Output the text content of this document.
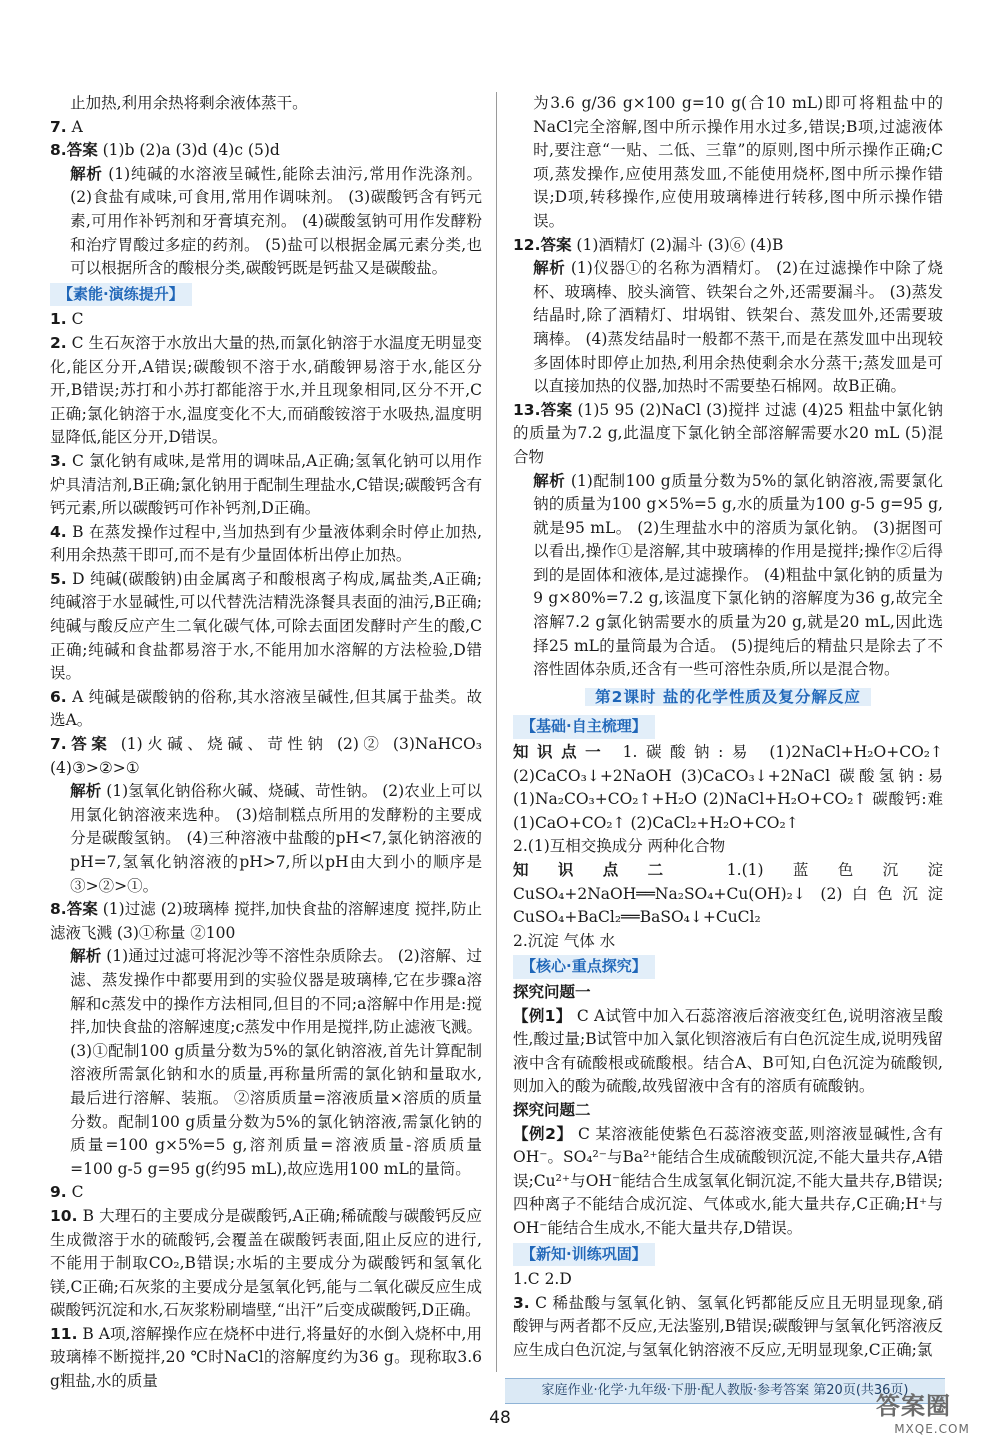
止加热,利用余热将剩余液体蒸干。

7. A

8.答案 (1)b (2)a (3)d (4)c (5)d

解析 (1)纯碱的水溶液呈碱性,能除去油污,常用作洗涤剂。 (2)食盐有咸味,可食用,常用作调味剂。 (3)碳酸钙含有钙元素,可用作补钙剂和牙膏填充剂。 (4)碳酸氢钠可用作发酵粉和治疗胃酸过多症的药剂。 (5)盐可以根据金属元素分类,也可以根据所含的酸根分类,碳酸钙既是钙盐又是碳酸盐。

【素能·演练提升】

1. C

2. C 生石灰溶于水放出大量的热,而氯化钠溶于水温度无明显变化,能区分开,A错误;碳酸钡不溶于水,硝酸钾易溶于水,能区分开,B错误;苏打和小苏打都能溶于水,并且现象相同,区分不开,C正确;氯化钠溶于水,温度变化不大,而硝酸铵溶于水吸热,温度明显降低,能区分开,D错误。

3. C 氯化钠有咸味,是常用的调味品,A正确;氢氧化钠可以用作炉具清洁剂,B正确;氯化钠用于配制生理盐水,C错误;碳酸钙含有钙元素,所以碳酸钙可作补钙剂,D正确。

4. B 在蒸发操作过程中,当加热到有少量液体剩余时停止加热,利用余热蒸干即可,而不是有少量固体析出停止加热。

5. D 纯碱(碳酸钠)由金属离子和酸根离子构成,属盐类,A正确;纯碱溶于水显碱性,可以代替洗洁精洗涤餐具表面的油污,B正确;纯碱与酸反应产生二氧化碳气体,可除去面团发酵时产生的酸,C正确;纯碱和食盐都易溶于水,不能用加水溶解的方法检验,D错误。

6. A 纯碱是碳酸钠的俗称,其水溶液呈碱性,但其属于盐类。故选A。

7.答案 (1)火碱、烧碱、苛性钠 (2)② (3)NaHCO₃ (4)③>②>①

解析 (1)氢氧化钠俗称火碱、烧碱、苛性钠。 (2)农业上可以用氯化钠溶液来选种。 (3)焙制糕点所用的发酵粉的主要成分是碳酸氢钠。 (4)三种溶液中盐酸的pH<7,氯化钠溶液的pH=7,氢氧化钠溶液的pH>7,所以pH由大到小的顺序是③>②>①。

8.答案 (1)过滤 (2)玻璃棒 搅拌,加快食盐的溶解速度 搅拌,防止滤液飞溅 (3)①称量 ②100

解析 (1)通过过滤可将泥沙等不溶性杂质除去。 (2)溶解、过滤、蒸发操作中都要用到的实验仪器是玻璃棒,它在步骤a溶解和c蒸发中的操作方法相同,但目的不同;a溶解中作用是:搅拌,加快食盐的溶解速度;c蒸发中作用是搅拌,防止滤液飞溅。 (3)①配制100 g质量分数为5%的氯化钠溶液,首先计算配制溶液所需氯化钠和水的质量,再称量所需的氯化钠和量取水,最后进行溶解、装瓶。 ②溶质质量=溶液质量×溶质的质量分数。配制100 g质量分数为5%的氯化钠溶液,需氯化钠的质量=100 g×5%=5 g,溶剂质量=溶液质量-溶质质量=100 g-5 g=95 g(约95 mL),故应选用100 mL的量筒。

9. C

10. B 大理石的主要成分是碳酸钙,A正确;稀硫酸与碳酸钙反应生成微溶于水的硫酸钙,会覆盖在碳酸钙表面,阻止反应的进行,不能用于制取CO₂,B错误;水垢的主要成分为碳酸钙和氢氧化镁,C正确;石灰浆的主要成分是氢氧化钙,能与二氧化碳反应生成碳酸钙沉淀和水,石灰浆粉刷墙壁,“出汗”后变成碳酸钙,D正确。

11. B A项,溶解操作应在烧杯中进行,将量好的水倒入烧杯中,用玻璃棒不断搅拌,20 ℃时NaCl的溶解度约为36 g。现称取3.6 g粗盐,水的质量

为3.6 g/36 g×100 g=10 g(合10 mL)即可将粗盐中的NaCl完全溶解,图中所示操作用水过多,错误;B项,过滤液体时,要注意“一贴、二低、三靠”的原则,图中所示操作正确;C项,蒸发操作,应使用蒸发皿,不能使用烧杯,图中所示操作错误;D项,转移操作,应使用玻璃棒进行转移,图中所示操作错误。

12.答案 (1)酒精灯 (2)漏斗 (3)⑥ (4)B

解析 (1)仪器①的名称为酒精灯。 (2)在过滤操作中除了烧杯、玻璃棒、胶头滴管、铁架台之外,还需要漏斗。 (3)蒸发结晶时,除了酒精灯、坩埚钳、铁架台、蒸发皿外,还需要玻璃棒。 (4)蒸发结晶时一般都不蒸干,而是在蒸发皿中出现较多固体时即停止加热,利用余热使剩余水分蒸干;蒸发皿是可以直接加热的仪器,加热时不需要垫石棉网。故B正确。

13.答案 (1)5 95 (2)NaCl (3)搅拌 过滤 (4)25 粗盐中氯化钠的质量为7.2 g,此温度下氯化钠全部溶解需要水20 mL (5)混合物

解析 (1)配制100 g质量分数为5%的氯化钠溶液,需要氯化钠的质量为100 g×5%=5 g,水的质量为100 g-5 g=95 g,就是95 mL。 (2)生理盐水中的溶质为氯化钠。 (3)据图可以看出,操作①是溶解,其中玻璃棒的作用是搅拌;操作②后得到的是固体和液体,是过滤操作。 (4)粗盐中氯化钠的质量为9 g×80%=7.2 g,该温度下氯化钠的溶解度为36 g,故完全溶解7.2 g氯化钠需要水的质量为20 g,就是20 mL,因此选择25 mL的量筒最为合适。 (5)提纯后的精盐只是除去了不溶性固体杂质,还含有一些可溶性杂质,所以是混合物。

第2课时 盐的化学性质及复分解反应
【基础·自主梳理】

知识点一 1.碳酸钠:易 (1)2NaCl+H₂O+CO₂↑ (2)CaCO₃↓+2NaOH (3)CaCO₃↓+2NaCl 碳酸氢钠:易 (1)Na₂CO₃+CO₂↑+H₂O (2)NaCl+H₂O+CO₂↑ 碳酸钙:难 (1)CaO+CO₂↑ (2)CaCl₂+H₂O+CO₂↑

2.(1)互相交换成分 两种化合物

知识点二 1.(1)蓝色沉淀 CuSO₄+2NaOH══Na₂SO₄+Cu(OH)₂↓ (2)白色沉淀 CuSO₄+BaCl₂══BaSO₄↓+CuCl₂

2.沉淀 气体 水

【核心·重点探究】

探究问题一

【例1】 C A试管中加入石蕊溶液后溶液变红色,说明溶液呈酸性,酸过量;B试管中加入氯化钡溶液后有白色沉淀生成,说明残留液中含有硫酸根或硫酸根。结合A、B可知,白色沉淀为硫酸钡,则加入的酸为硫酸,故残留液中含有的溶质有硫酸钠。

探究问题二

【例2】 C 某溶液能使紫色石蕊溶液变蓝,则溶液显碱性,含有OH⁻。SO₄²⁻与Ba²⁺能结合生成硫酸钡沉淀,不能大量共存,A错误;Cu²⁺与OH⁻能结合生成氢氧化铜沉淀,不能大量共存,B错误;四种离子不能结合成沉淀、气体或水,能大量共存,C正确;H⁺与OH⁻能结合生成水,不能大量共存,D错误。

【新知·训练巩固】

1.C 2.D

3. C 稀盐酸与氢氧化钠、氢氧化钙都能反应且无明显现象,硝酸钾与两者都不反应,无法鉴别,B错误;碳酸钾与氢氧化钙溶液反应生成白色沉淀,与氢氧化钠溶液不反应,无明显现象,C正确;氯

家庭作业·化学·九年级·下册·配人教版·参考答案 第20页(共36页)
48	答案圈
MXQE.COM
